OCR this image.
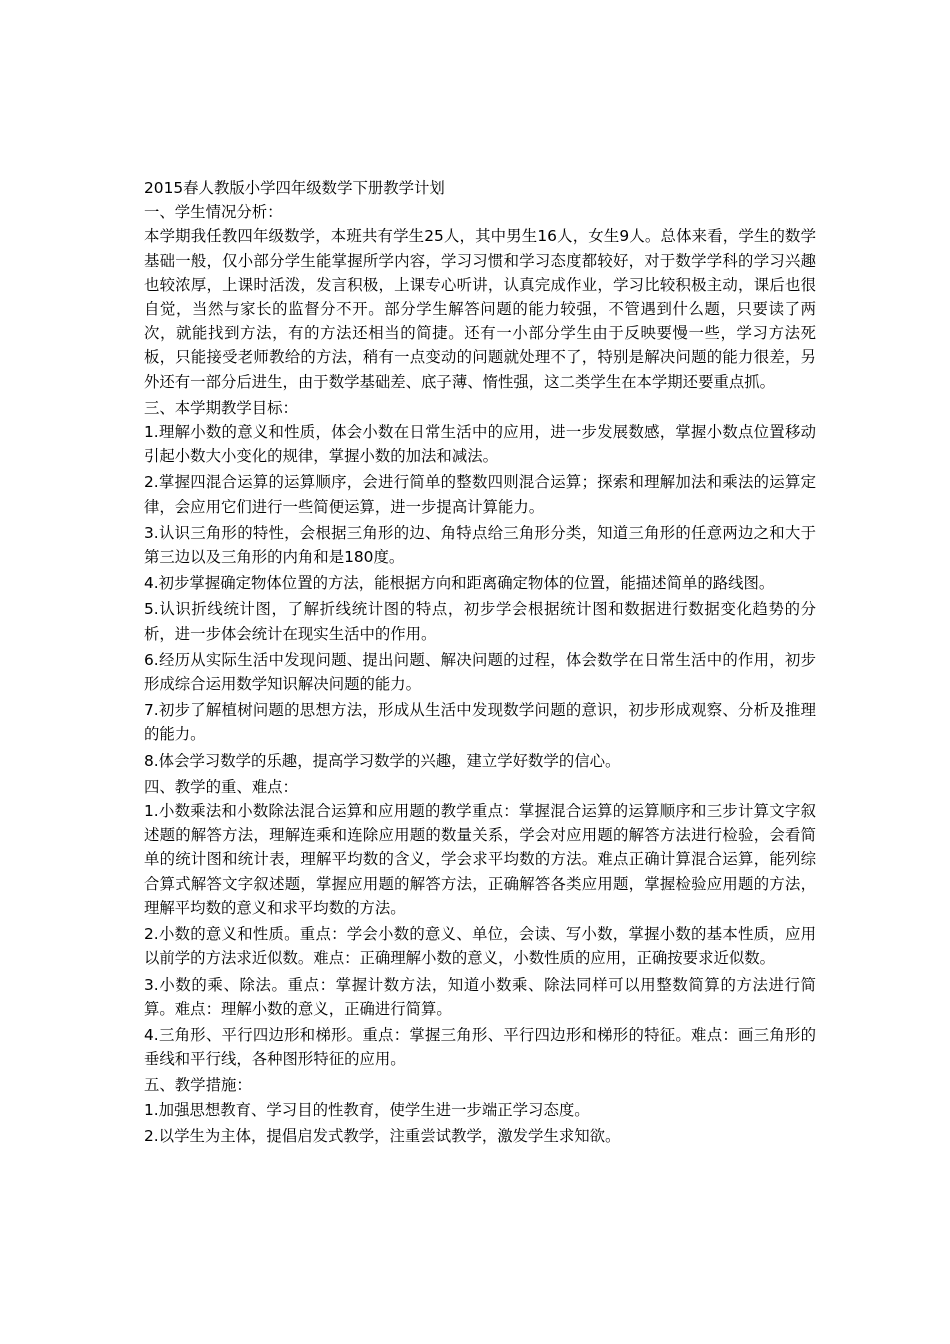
2015春人教版小学四年级数学下册教学计划

一、学生情况分析：

本学期我任教四年级数学，本班共有学生25人，其中男生16人，女生9人。总体来看，学生的数学基础一般，仅小部分学生能掌握所学内容，学习习惯和学习态度都较好，对于数学学科的学习兴趣也较浓厚，上课时活泼，发言积极，上课专心听讲，认真完成作业，学习比较积极主动，课后也很自觉，当然与家长的监督分不开。部分学生解答问题的能力较强，不管遇到什么题，只要读了两次，就能找到方法，有的方法还相当的简捷。还有一小部分学生由于反映要慢一些，学习方法死板，只能接受老师教给的方法，稍有一点变动的问题就处理不了，特别是解决问题的能力很差，另外还有一部分后进生，由于数学基础差、底子薄、惰性强，这二类学生在本学期还要重点抓。

三、本学期教学目标：

1.理解小数的意义和性质，体会小数在日常生活中的应用，进一步发展数感，掌握小数点位置移动引起小数大小变化的规律，掌握小数的加法和减法。

2.掌握四混合运算的运算顺序，会进行简单的整数四则混合运算；探索和理解加法和乘法的运算定律，会应用它们进行一些简便运算，进一步提高计算能力。

3.认识三角形的特性，会根据三角形的边、角特点给三角形分类，知道三角形的任意两边之和大于第三边以及三角形的内角和是180度。

4.初步掌握确定物体位置的方法，能根据方向和距离确定物体的位置，能描述简单的路线图。

5.认识折线统计图，了解折线统计图的特点，初步学会根据统计图和数据进行数据变化趋势的分析，进一步体会统计在现实生活中的作用。

6.经历从实际生活中发现问题、提出问题、解决问题的过程，体会数学在日常生活中的作用，初步形成综合运用数学知识解决问题的能力。

7.初步了解植树问题的思想方法，形成从生活中发现数学问题的意识，初步形成观察、分析及推理的能力。

8.体会学习数学的乐趣，提高学习数学的兴趣，建立学好数学的信心。

四、教学的重、难点：

1.小数乘法和小数除法混合运算和应用题的教学重点：掌握混合运算的运算顺序和三步计算文字叙述题的解答方法，理解连乘和连除应用题的数量关系，学会对应用题的解答方法进行检验，会看简单的统计图和统计表，理解平均数的含义，学会求平均数的方法。难点正确计算混合运算，能列综合算式解答文字叙述题，掌握应用题的解答方法，正确解答各类应用题，掌握检验应用题的方法，理解平均数的意义和求平均数的方法。

2.小数的意义和性质。重点：学会小数的意义、单位，会读、写小数，掌握小数的基本性质，应用以前学的方法求近似数。难点：正确理解小数的意义，小数性质的应用，正确按要求近似数。

3.小数的乘、除法。重点：掌握计数方法，知道小数乘、除法同样可以用整数简算的方法进行简算。难点：理解小数的意义，正确进行简算。

4.三角形、平行四边形和梯形。重点：掌握三角形、平行四边形和梯形的特征。难点：画三角形的垂线和平行线，各种图形特征的应用。

五、教学措施：

1.加强思想教育、学习目的性教育，使学生进一步端正学习态度。

2.以学生为主体，提倡启发式教学，注重尝试教学，激发学生求知欲。
